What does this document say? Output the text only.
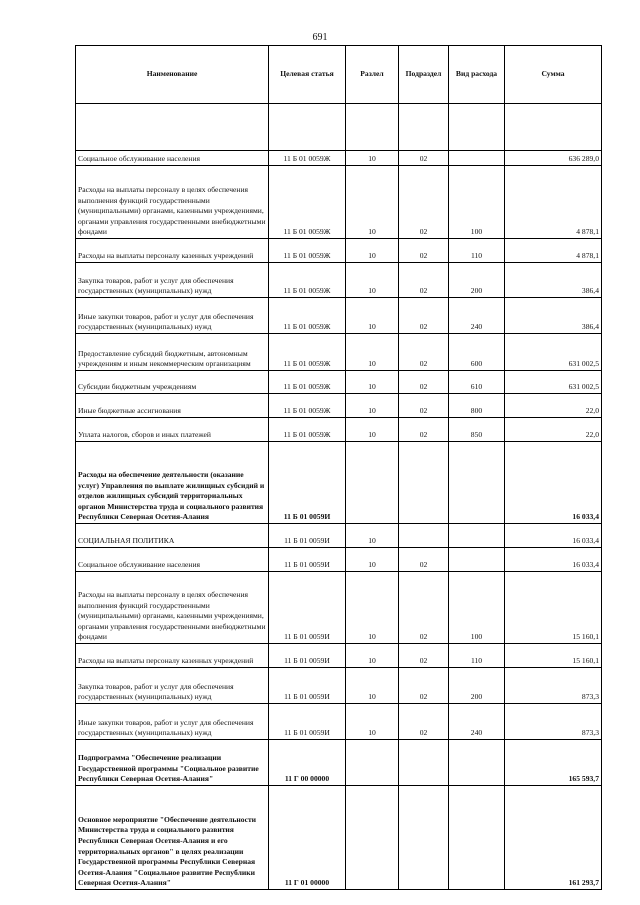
691
Наименование	Целевая статья	Разлел	Подраздел	Вид расхода	Сумма

Социальное обслуживание населения	11 Б 01 0059Ж	10	02		636 289,0
Расходы на выплаты персоналу в целях обеспечения выполнения функций государственными (муниципальными) органами, казенными учреждениями, органами управления государственными внебюджетными фондами	11 Б 01 0059Ж	10	02	100	4 878,1
Расходы на выплаты персоналу казенных учреждений	11 Б 01 0059Ж	10	02	110	4 878,1
Закупка товаров, работ и услуг для обеспечения государственных (муниципальных) нужд	11 Б 01 0059Ж	10	02	200	386,4
Иные закупки товаров, работ и услуг для обеспечения государственных (муниципальных) нужд	11 Б 01 0059Ж	10	02	240	386,4
Предоставление субсидий бюджетным, автономным учреждениям и иным некоммерческим организациям	11 Б 01 0059Ж	10	02	600	631 002,5
Субсидии бюджетным учреждениям	11 Б 01 0059Ж	10	02	610	631 002,5
Иные бюджетные ассигнования	11 Б 01 0059Ж	10	02	800	22,0
Уплата налогов, сборов и иных платежей	11 Б 01 0059Ж	10	02	850	22,0
Расходы на обеспечение деятельности (оказание услуг) Управления по выплате жилищных субсидий и отделов жилищных субсидий территориальных органов Министерства труда и социального развития Республики Северная Осетия-Алания	11 Б 01 0059И				16 033,4
СОЦИАЛЬНАЯ ПОЛИТИКА	11 Б 01 0059И	10			16 033,4
Социальное обслуживание населения	11 Б 01 0059И	10	02		16 033,4
Расходы на выплаты персоналу в целях обеспечения выполнения функций государственными (муниципальными) органами, казенными учреждениями, органами управления государственными внебюджетными фондами	11 Б 01 0059И	10	02	100	15 160,1
Расходы на выплаты персоналу казенных учреждений	11 Б 01 0059И	10	02	110	15 160,1
Закупка товаров, работ и услуг для обеспечения государственных (муниципальных) нужд	11 Б 01 0059И	10	02	200	873,3
Иные закупки товаров, работ и услуг для обеспечения государственных (муниципальных) нужд	11 Б 01 0059И	10	02	240	873,3
Подпрограмма "Обеспечение реализации Государственной программы "Социальное развитие Республики Северная Осетия-Алания"	11 Г 00 00000				165 593,7
Основное мероприятие "Обеспечение деятельности Министерства труда и социального развития Республики Северная Осетия-Алания и его территориальных органов" в целях реализации Государственной программы Республики Северная Осетия-Алания "Социальное развитие Республики Северная Осетия-Алания"	11 Г 01 00000				161 293,7
